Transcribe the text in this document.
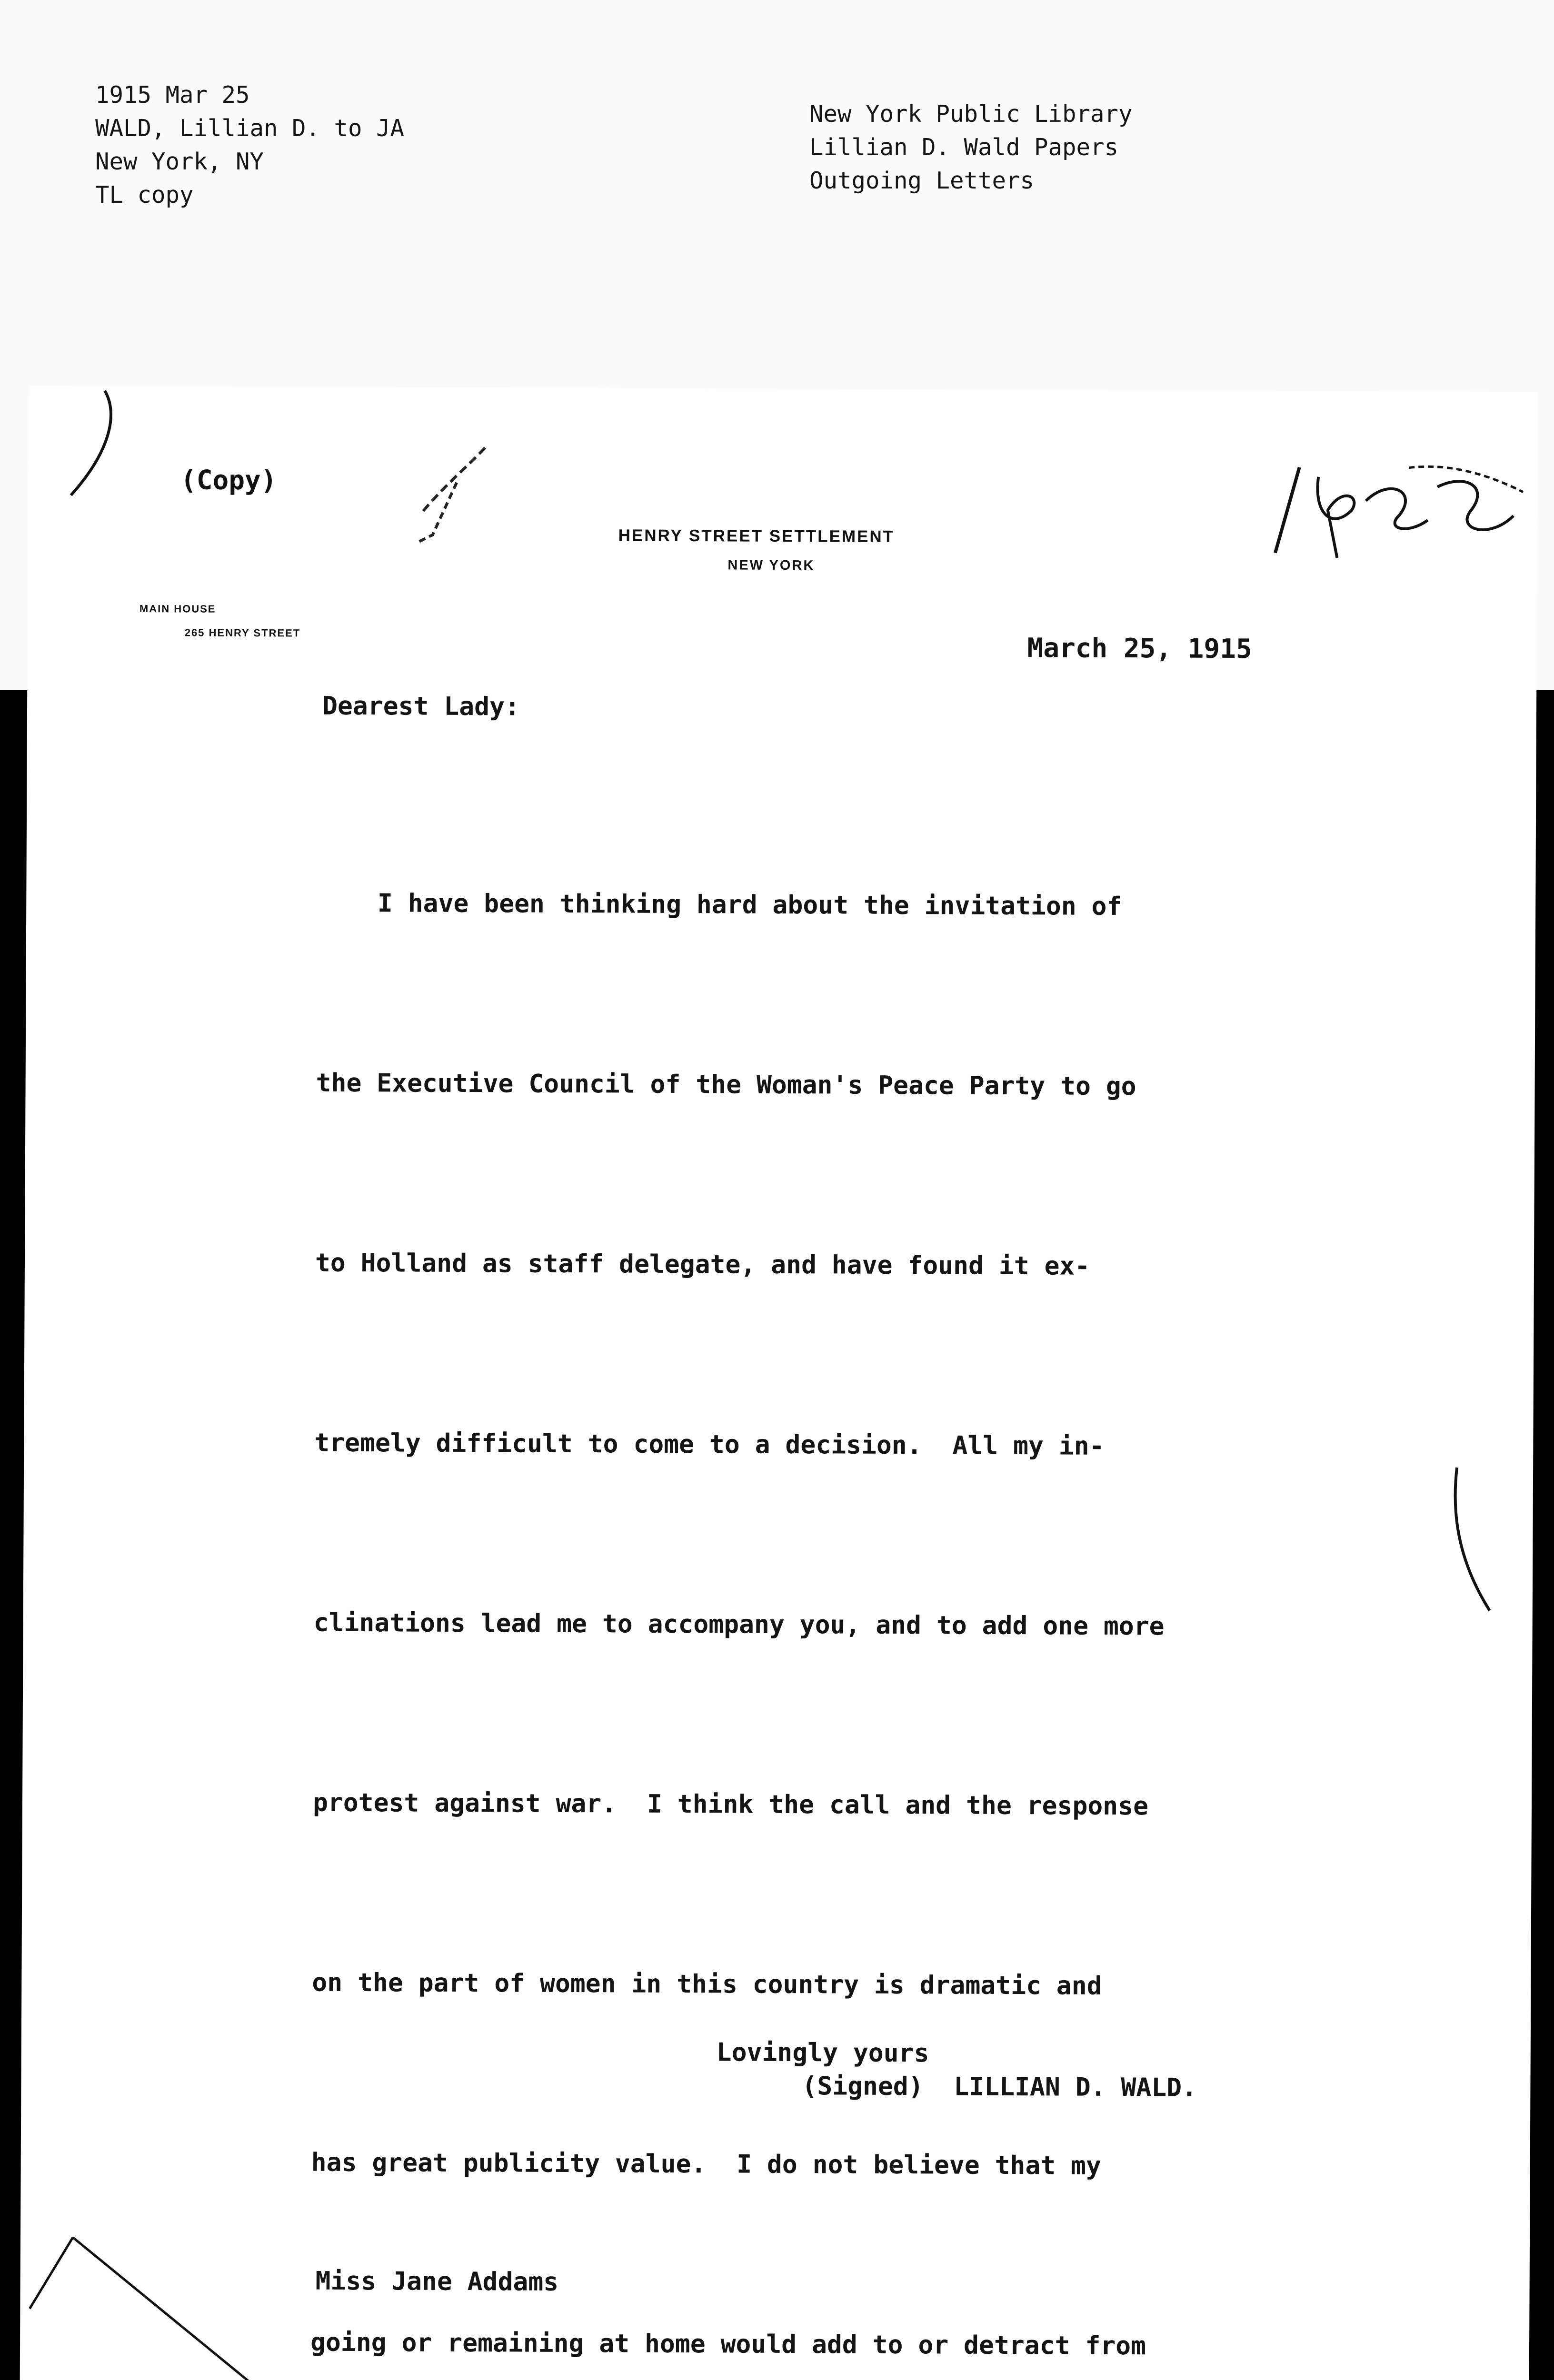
1915 Mar 25
WALD, Lillian D. to JA
New York, NY
TL copy
New York Public Library
Lillian D. Wald Papers
Outgoing Letters
(Copy)
HENRY STREET SETTLEMENT
NEW YORK
MAIN HOUSE
265 HENRY STREET	March 25, 1915
Dearest Lady:

I have been thinking hard about the invitation of

the Executive Council of the Woman's Peace Party to go

to Holland as staff delegate, and have found it ex-

tremely difficult to come to a decision.  All my in-

clinations lead me to accompany you, and to add one more

protest against war.  I think the call and the response

on the part of women in this country is dramatic and

has great publicity value.  I do not believe that my

going or remaining at home would add to or detract from

Lovingly yours
(Signed)  LILLIAN D. WALD.

Miss Jane Addams
